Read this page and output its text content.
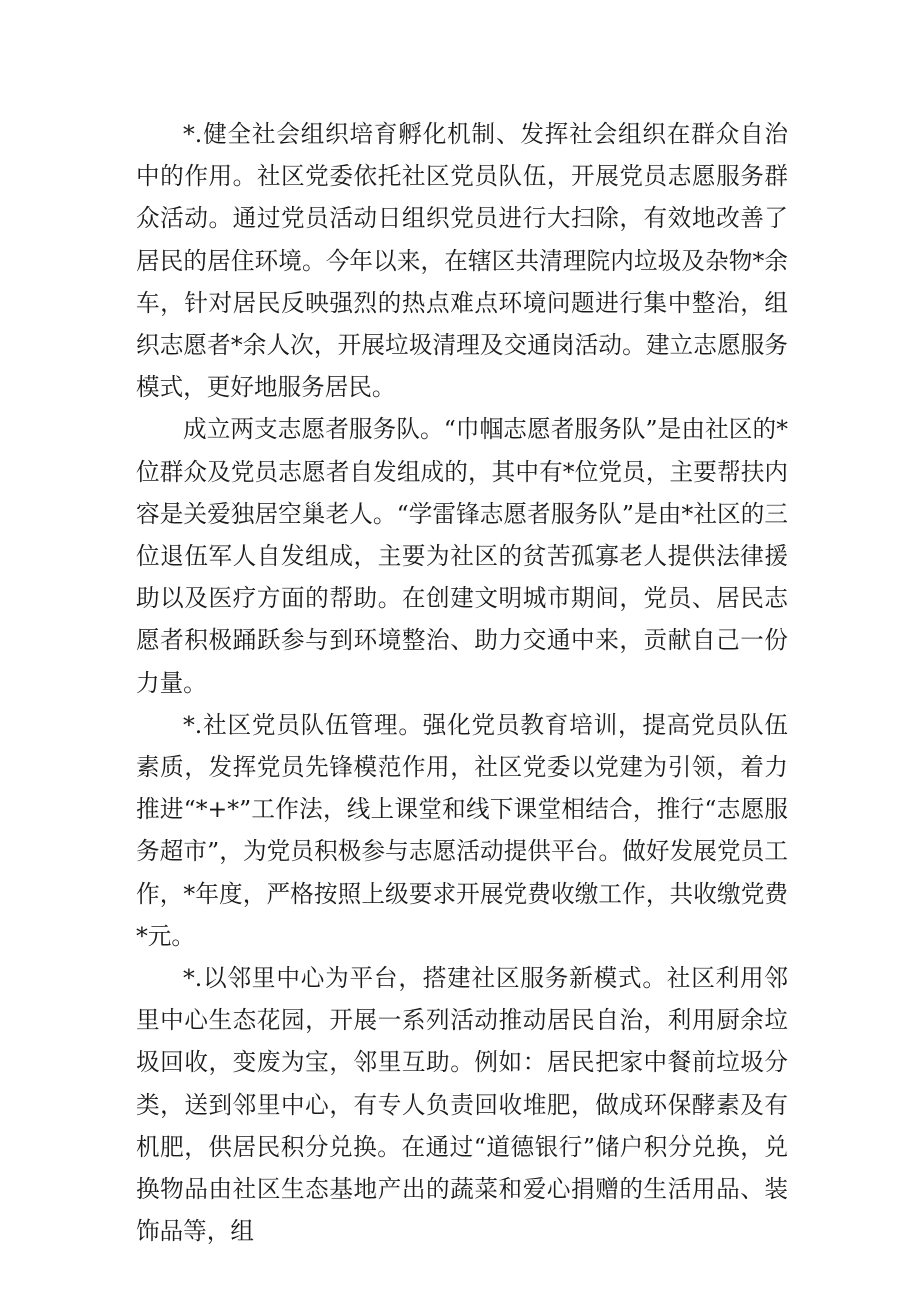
*.健全社会组织培育孵化机制、发挥社会组织在群众自治中的作用。社区党委依托社区党员队伍，开展党员志愿服务群众活动。通过党员活动日组织党员进行大扫除，有效地改善了居民的居住环境。今年以来，在辖区共清理院内垃圾及杂物*余车，针对居民反映强烈的热点难点环境问题进行集中整治，组织志愿者*余人次，开展垃圾清理及交通岗活动。建立志愿服务模式，更好地服务居民。

成立两支志愿者服务队。“巾帼志愿者服务队”是由社区的*位群众及党员志愿者自发组成的，其中有*位党员，主要帮扶内容是关爱独居空巢老人。“学雷锋志愿者服务队”是由*社区的三位退伍军人自发组成，主要为社区的贫苦孤寡老人提供法律援助以及医疗方面的帮助。在创建文明城市期间，党员、居民志愿者积极踊跃参与到环境整治、助力交通中来，贡献自己一份力量。

*.社区党员队伍管理。强化党员教育培训，提高党员队伍素质，发挥党员先锋模范作用，社区党委以党建为引领，着力推进“*+*”工作法，线上课堂和线下课堂相结合，推行“志愿服务超市”，为党员积极参与志愿活动提供平台。做好发展党员工作，*年度，严格按照上级要求开展党费收缴工作，共收缴党费*元。

*.以邻里中心为平台，搭建社区服务新模式。社区利用邻里中心生态花园，开展一系列活动推动居民自治，利用厨余垃圾回收，变废为宝，邻里互助。例如：居民把家中餐前垃圾分类，送到邻里中心，有专人负责回收堆肥，做成环保酵素及有机肥，供居民积分兑换。在通过“道德银行”储户积分兑换，兑换物品由社区生态基地产出的蔬菜和爱心捐赠的生活用品、装饰品等，组
